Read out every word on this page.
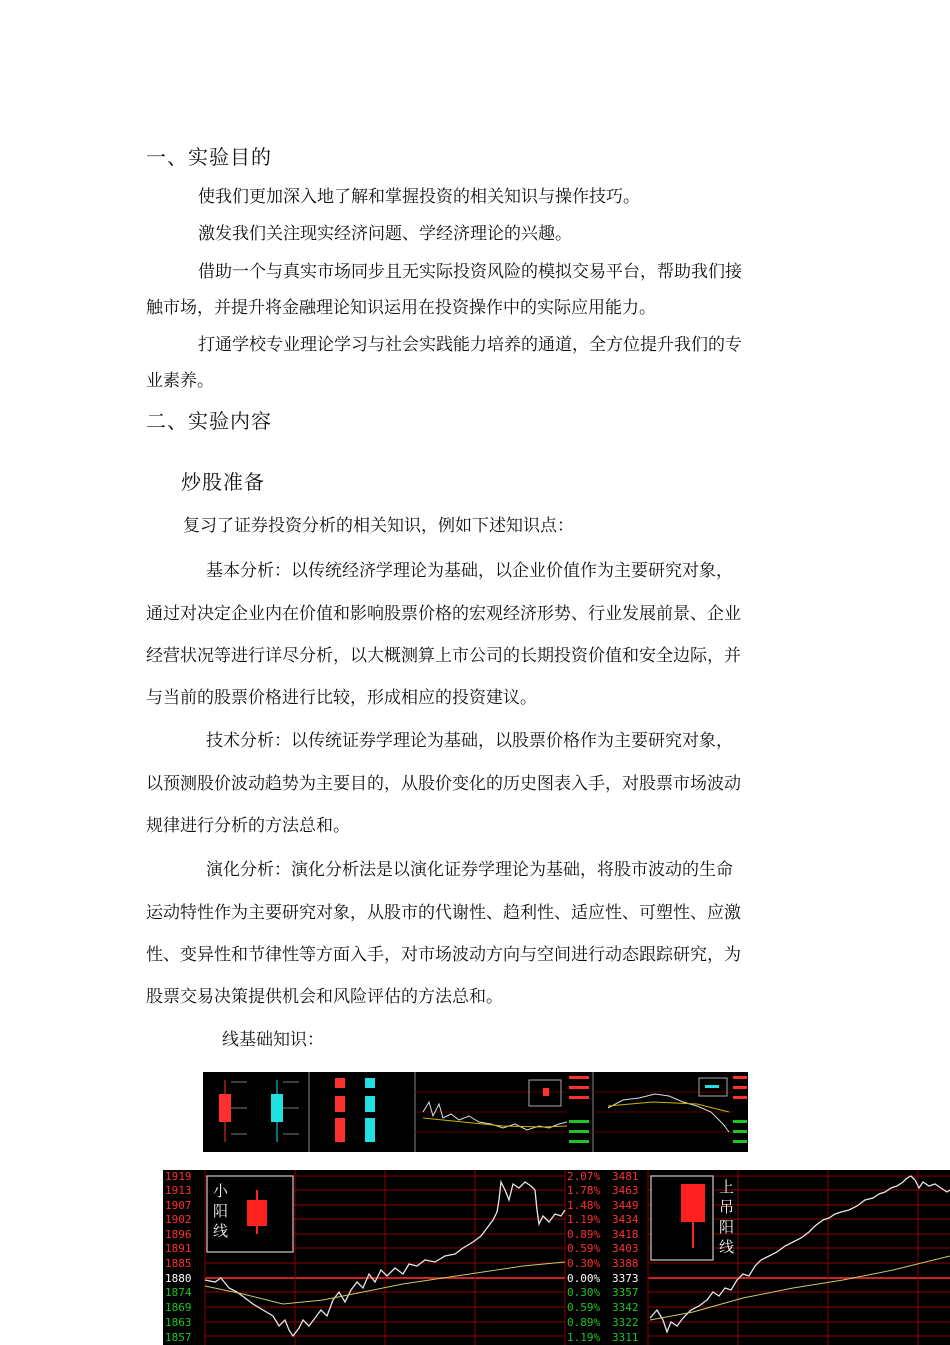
一、实验目的
使我们更加深入地了解和掌握投资的相关知识与操作技巧。
激发我们关注现实经济问题、学经济理论的兴趣。
借助一个与真实市场同步且无实际投资风险的模拟交易平台，帮助我们接
触市场，并提升将金融理论知识运用在投资操作中的实际应用能力。
打通学校专业理论学习与社会实践能力培养的通道，全方位提升我们的专
业素养。
二、实验内容
炒股准备
复习了证券投资分析的相关知识，例如下述知识点：
基本分析：以传统经济学理论为基础，以企业价值作为主要研究对象，
通过对决定企业内在价值和影响股票价格的宏观经济形势、行业发展前景、企业
经营状况等进行详尽分析，以大概测算上市公司的长期投资价值和安全边际，并
与当前的股票价格进行比较，形成相应的投资建议。
技术分析：以传统证券学理论为基础，以股票价格作为主要研究对象，
以预测股价波动趋势为主要目的，从股价变化的历史图表入手，对股票市场波动
规律进行分析的方法总和。
演化分析：演化分析法是以演化证券学理论为基础，将股市波动的生命
运动特性作为主要研究对象，从股市的代谢性、趋利性、适应性、可塑性、应激
性、变异性和节律性等方面入手，对市场波动方向与空间进行动态跟踪研究，为
股票交易决策提供机会和风险评估的方法总和。
线基础知识：
1919
1913
1907
1902
1896
1891
1885
1880
1874
1869
1863
1857
2.07%
1.78%
1.48%
1.19%
0.89%
0.59%
0.30%
0.00%
0.30%
0.59%
0.89%
1.19%
小
阳
线
3481
3463
3449
3434
3418
3403
3388
3373
3357
3342
3322
3311
上
吊
阳
线
